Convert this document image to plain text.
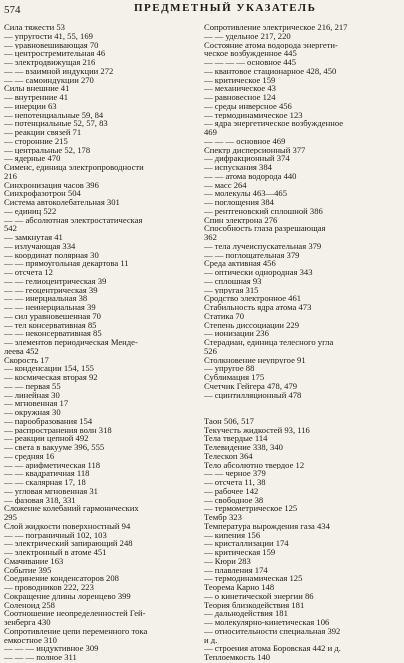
574	ПРЕДМЕТНЫЙ УКАЗАТЕЛЬ
Сила тяжести 53
— упругости 41, 55, 169
— уравновешивающая 70
— центростремительная 46
— электродвижущая 216
— — взаимной индукции 272
— — самоиндукции 270
Силы внешние 41
— внутренние 41
— инерции 63
— непотенциальные 59, 84
— потенциальные 52, 57, 83
— реакции связей 71
— сторонние 215
— центральные 52, 178
— ядерные 470
Сименс, единица электропроводности
216
Синхронизация часов 396
Синхрофазотрон 504
Система автоколебательная 301
— единиц 522
— — абсолютная электростатическая
542
— замкнутая 41
— излучающая 334
— координат полярная 30
— — прямоугольная декартова 11
— отсчета 12
— — гелиоцентрическая 39
— — геоцентрическая 39
— — инерциальная 38
— — неинерциальная 39
— сил уравновешенная 70
— тел консервативная 85
— — неконсервативная 85
— элементов периодическая Менде-
леева 452
Скорость 17
— конденсации 154, 155
— космическая вторая 92
— — первая 55
— линейная 30
— мгновенная 17
— окружная 30
— парообразования 154
— распространения волн 318
— реакции цепной 492
— света в вакууме 396, 555
— средняя 16
— — арифметическая 118
— — квадратичная 118
— — скалярная 17, 18
— угловая мгновенная 31
— фазовая 318, 331
Сложение колебаний гармонических
295
Слой жидкости поверхностный 94
— — пограничный 102, 103
— электрический запирающий 248
— электронный в атоме 451
Смачивание 163
Событие 395
Соединение конденсаторов 208
— проводников 222, 223
Сокращение длины лоренцево 399
Соленоид 258
Соотношение неопределенностей Гей-
зенберга 430
Сопротивление цепи переменного тока
емкостное 310
— — — индуктивное 309
— — — полное 311
Сопротивление электрическое 216, 217
— — удельное 217, 220
Состояние атома водорода энергети-
ческое возбужденное 445
— — — — основное 445
— квантовое стационарное 428, 450
— критическое 159
— механическое 43
— равновесное 124
— среды инверсное 456
— термодинамическое 123
— ядра энергетическое возбужденное
469
— — — основное 469
Спектр дисперсионный 377
— дифракционный 374
— испускания 384
— — атома водорода 440
— масс 264
— молекулы 463—465
— поглощения 384
— рентгеновский сплошной 386
Спин электрона 276
Способность глаза разрешающая
362
— тела лучеиспускательная 379
— — поглощательная 379
Среда активная 456
— оптически однородная 343
— сплошная 93
— упругая 315
Сродство электронное 461
Стабильность ядра атома 473
Статика 70
Степень диссоциации 229
— ионизации 236
Стерадиан, единица телесного угла
526
Столкновение неупругое 91
— упругое 88
Сублимация 175
Счетчик Гейгера 478, 479
— сцинтилляционный 478
Таон 506, 517
Текучесть жидкостей 93, 116
Тела твердые 114
Телевидение 338, 340
Телескоп 364
Тело абсолютно твердое 12
— — черное 379
— отсчета 11, 38
— рабочее 142
— свободное 38
— термометрическое 125
Тембр 323
Температура вырождения газа 434
— кипения 156
— кристаллизации 174
— критическая 159
— Кюри 283
— плавления 174
— термодинамическая 125
Теорема Карно 148
— о кинетической энергии 86
Теория близкодействия 181
— дальнодействия 181
— молекулярно-кинетическая 106
— относительности специальная 392
и д.
— строения атома Боровская 442 и д.
Теплоемкость 140
